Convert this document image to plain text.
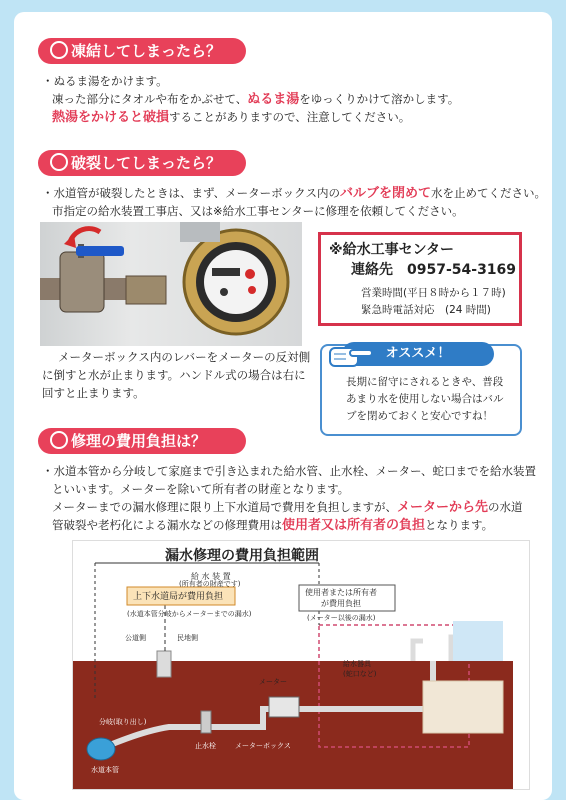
凍結してしまったら？
・ぬるま湯をかけます。
凍った部分にタオルや布をかぶせて、ぬるま湯をゆっくりかけて溶かします。
熱湯をかけると破損することがありますので、注意してください。
破裂してしまったら？
・水道管が破裂したときは、まず、メーターボックス内のバルブを閉めて水を止めてください。
市指定の給水装置工事店、又は※給水工事センターに修理を依頼してください。
メーターボックス内のレバーをメーターの反対側
に倒すと水が止まります。ハンドル式の場合は右に
回すと止まります。
※給水工事センター
連絡先　 0957-54-3169
営業時間(平日８時から１７時)
緊急時電話対応　(24 時間)
オススメ！
長期に留守にされるときや、普段
あまり水を使用しない場合はバル
ブを閉めておくと安心ですね！
修理の費用負担は？
・水道本管から分岐して家庭まで引き込まれた給水管、止水栓、メーター、蛇口までを給水装置
といいます。メーターを除いて所有者の財産となります。
メーターまでの漏水修理に限り上下水道局で費用を負担しますが、メーターから先の水道
管破裂や老朽化による漏水などの修理費用は使用者又は所有者の負担となります。
漏水修理の費用負担範囲
給 水 装 置
(所有者の財産です)
上下水道局が費用負担
(水道本管分岐からメーターまでの漏水)
使用者または所有者
が費用負担
(メーター以後の漏水)
公道側	民地側
メーター
給水器具
(蛇口など)
分岐(取り出し)
止水栓	メーターボックス
水道本管
